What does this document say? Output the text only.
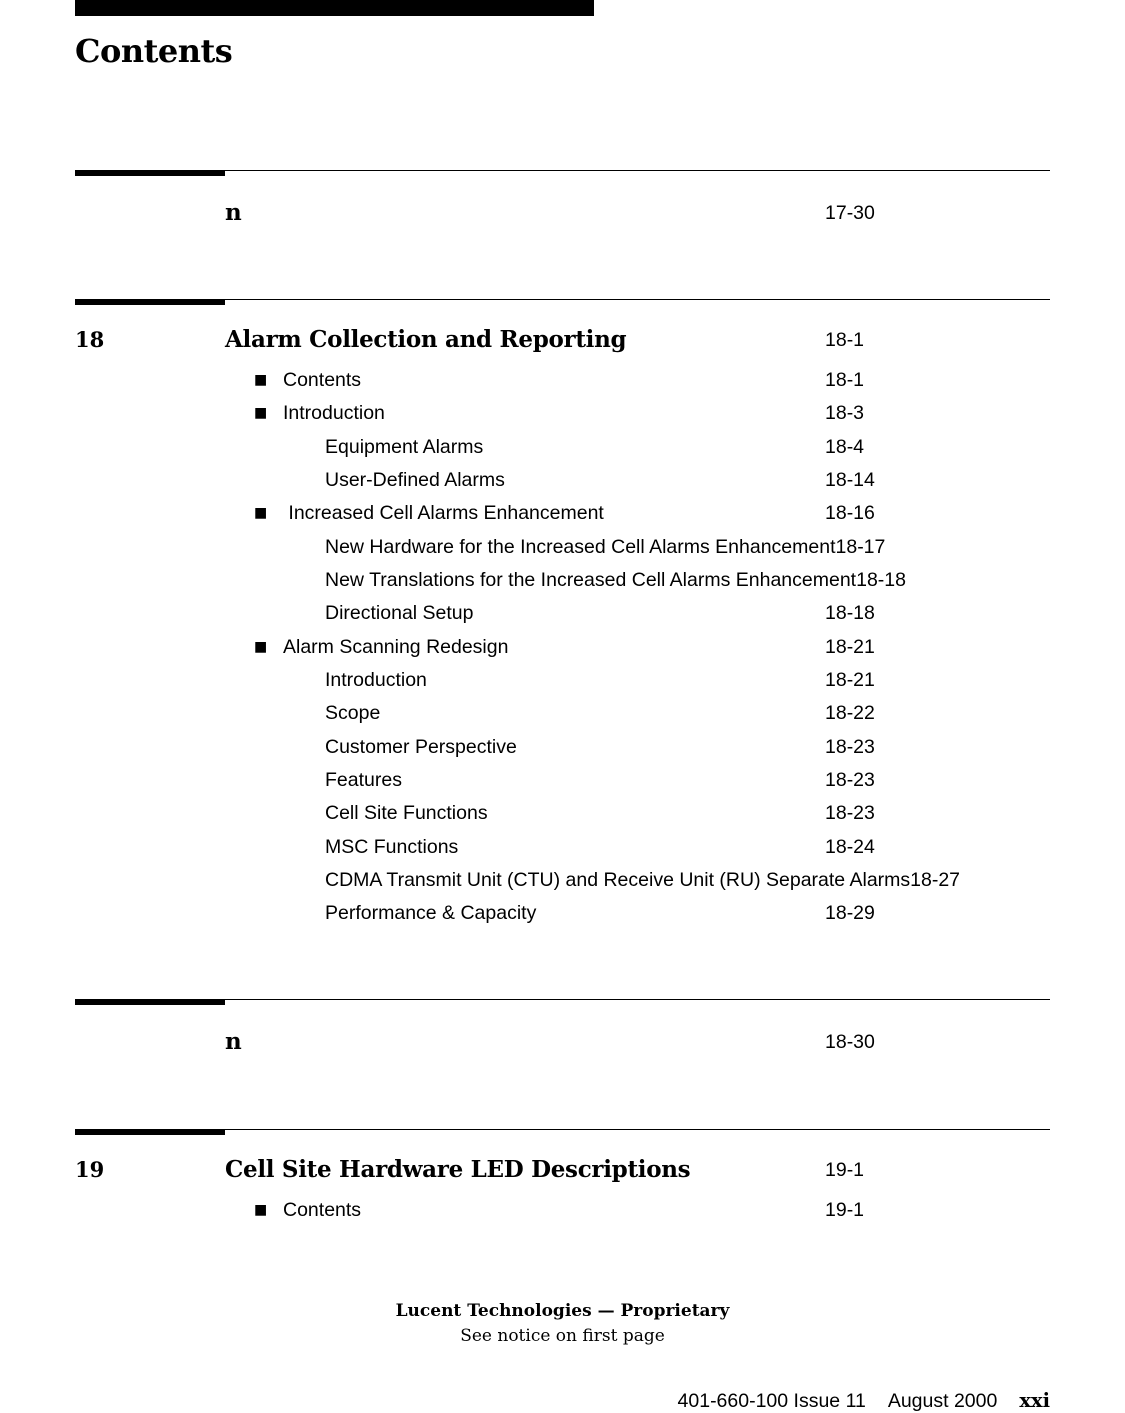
Contents
n	17-30
18	Alarm Collection and Reporting	18-1
■ Contents	18-1
■ Introduction	18-3
Equipment Alarms	18-4
User-Defined Alarms	18-14
■ Increased Cell Alarms Enhancement	18-16
New Hardware for the Increased Cell Alarms Enhancement18-17
New Translations for the Increased Cell Alarms Enhancement18-18
Directional Setup	18-18
■ Alarm Scanning Redesign	18-21
Introduction	18-21
Scope	18-22
Customer Perspective	18-23
Features	18-23
Cell Site Functions	18-23
MSC Functions	18-24
CDMA Transmit Unit (CTU) and Receive Unit (RU) Separate Alarms18-27
Performance & Capacity	18-29
n	18-30
19	Cell Site Hardware LED Descriptions	19-1
■ Contents	19-1
Lucent Technologies — Proprietary
See notice on first page
401-660-100 Issue 11 August 2000 xxi
